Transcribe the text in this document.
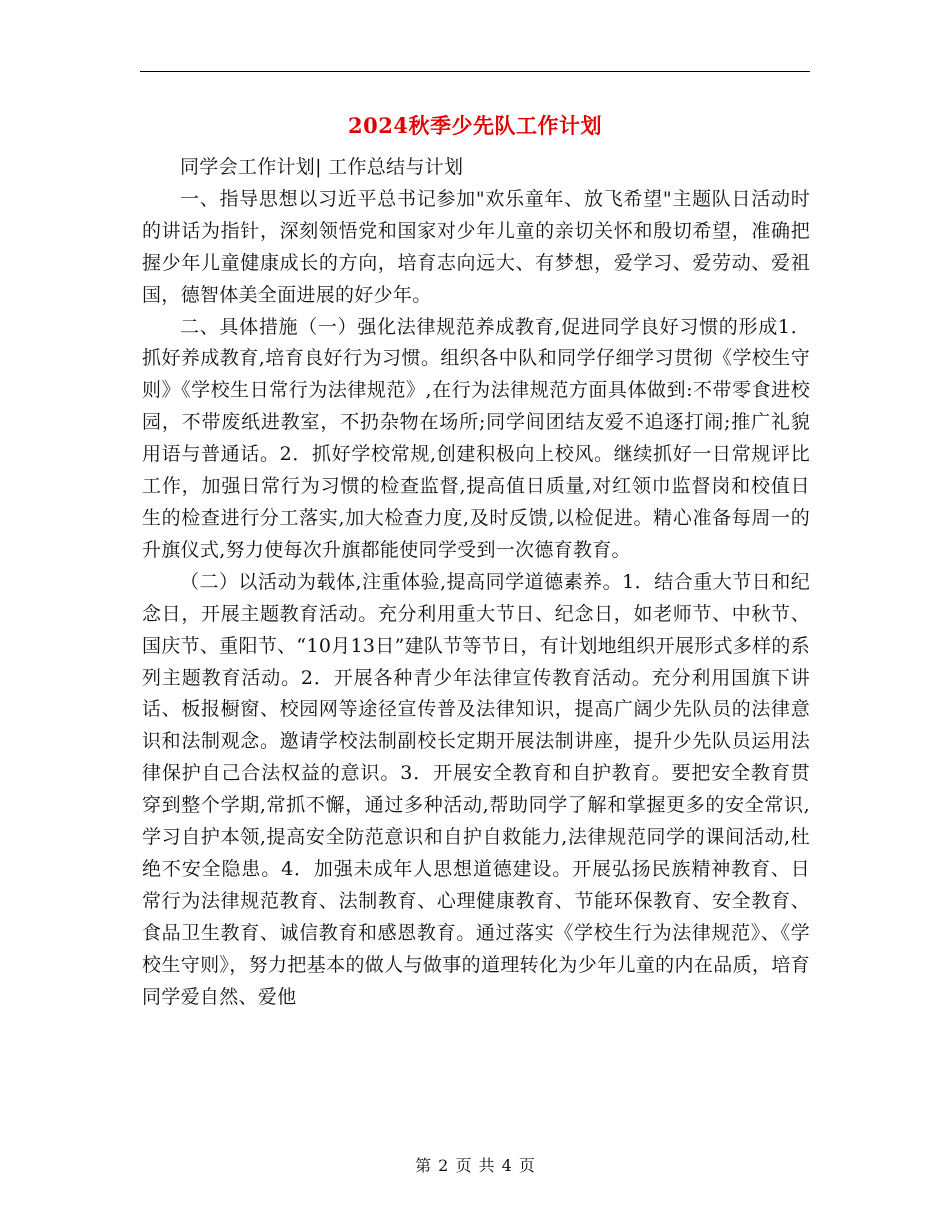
2024秋季少先队工作计划

同学会工作计划| 工作总结与计划

一、指导思想以习近平总书记参加"欢乐童年、放飞希望"主题队日活动时的讲话为指针，深刻领悟党和国家对少年儿童的亲切关怀和殷切希望，准确把握少年儿童健康成长的方向，培育志向远大、有梦想，爱学习、爱劳动、爱祖国，德智体美全面进展的好少年。

二、具体措施（一）强化法律规范养成教育,促进同学良好习惯的形成1．抓好养成教育,培育良好行为习惯。组织各中队和同学仔细学习贯彻《学校生守则》《学校生日常行为法律规范》,在行为法律规范方面具体做到:不带零食进校园，不带废纸进教室，不扔杂物在场所;同学间团结友爱不追逐打闹;推广礼貌用语与普通话。2．抓好学校常规,创建积极向上校风。继续抓好一日常规评比工作，加强日常行为习惯的检查监督,提高值日质量,对红领巾监督岗和校值日生的检查进行分工落实,加大检查力度,及时反馈,以检促进。精心准备每周一的升旗仪式,努力使每次升旗都能使同学受到一次德育教育。

（二）以活动为载体,注重体验,提高同学道德素养。1．结合重大节日和纪念日，开展主题教育活动。充分利用重大节日、纪念日，如老师节、中秋节、国庆节、重阳节、“10月13日”建队节等节日，有计划地组织开展形式多样的系列主题教育活动。2．开展各种青少年法律宣传教育活动。充分利用国旗下讲话、板报橱窗、校园网等途径宣传普及法律知识，提高广阔少先队员的法律意识和法制观念。邀请学校法制副校长定期开展法制讲座，提升少先队员运用法律保护自己合法权益的意识。3．开展安全教育和自护教育。要把安全教育贯穿到整个学期,常抓不懈，通过多种活动,帮助同学了解和掌握更多的安全常识,学习自护本领,提高安全防范意识和自护自救能力,法律规范同学的课间活动,杜绝不安全隐患。4．加强未成年人思想道德建设。开展弘扬民族精神教育、日常行为法律规范教育、法制教育、心理健康教育、节能环保教育、安全教育、食品卫生教育、诚信教育和感恩教育。通过落实《学校生行为法律规范》、《学校生守则》，努力把基本的做人与做事的道理转化为少年儿童的内在品质，培育同学爱自然、爱他

第 2 页 共 4 页
